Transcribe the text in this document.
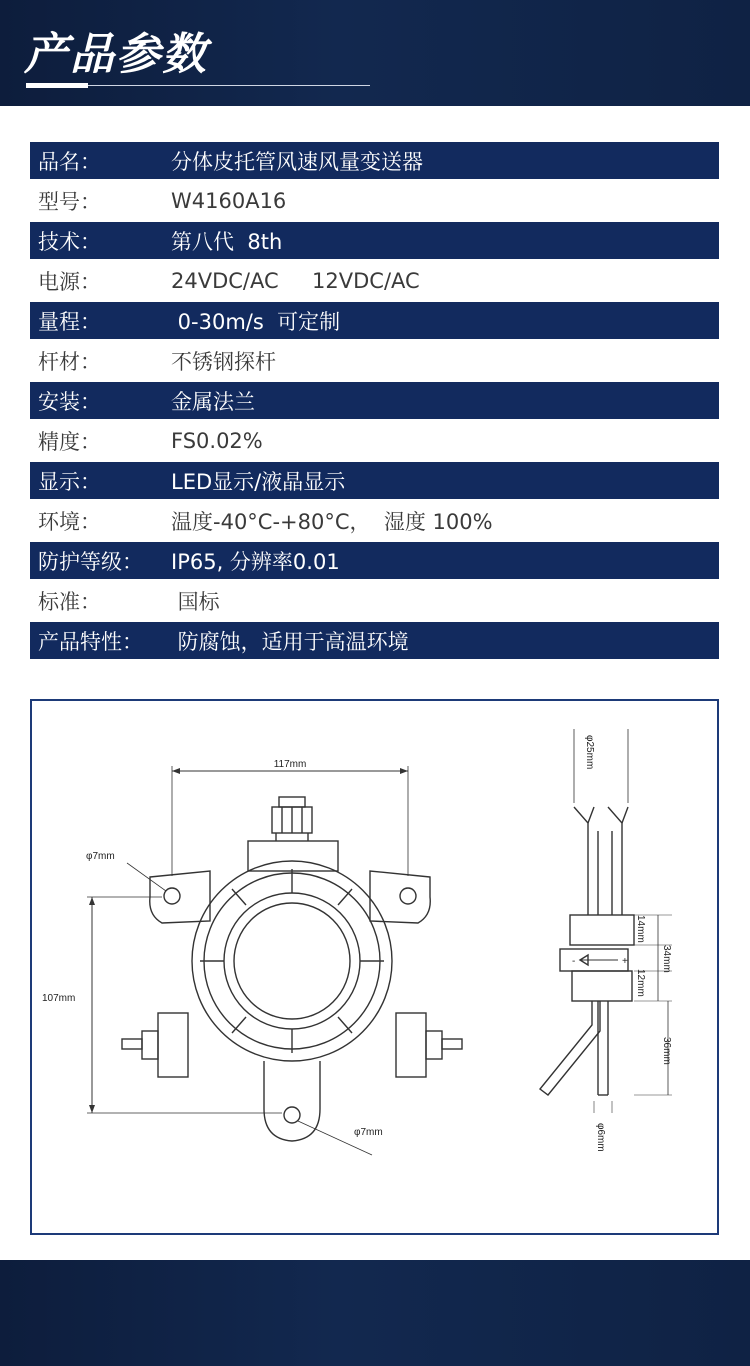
产品参数
品名：	分体皮托管风速风量变送器
型号：	W4160A16
技术：	第八代  8th
电源：	24VDC/AC     12VDC/AC
量程：	0-30m/s  可定制
杆材：	不锈钢探杆
安装：	金属法兰
精度：	FS0.02%
显示：	LED显示/液晶显示
环境：	温度-40°C-+80°C，  湿度 100%
防护等级： IP65, 分辨率0.01
标准：	国标
产品特性： 防腐蚀，适用于高温环境
117mm
107mm
φ7mm
φ7mm
φ25mm
-	+
14mm
34mm
12mm
36mm
φ6mm
